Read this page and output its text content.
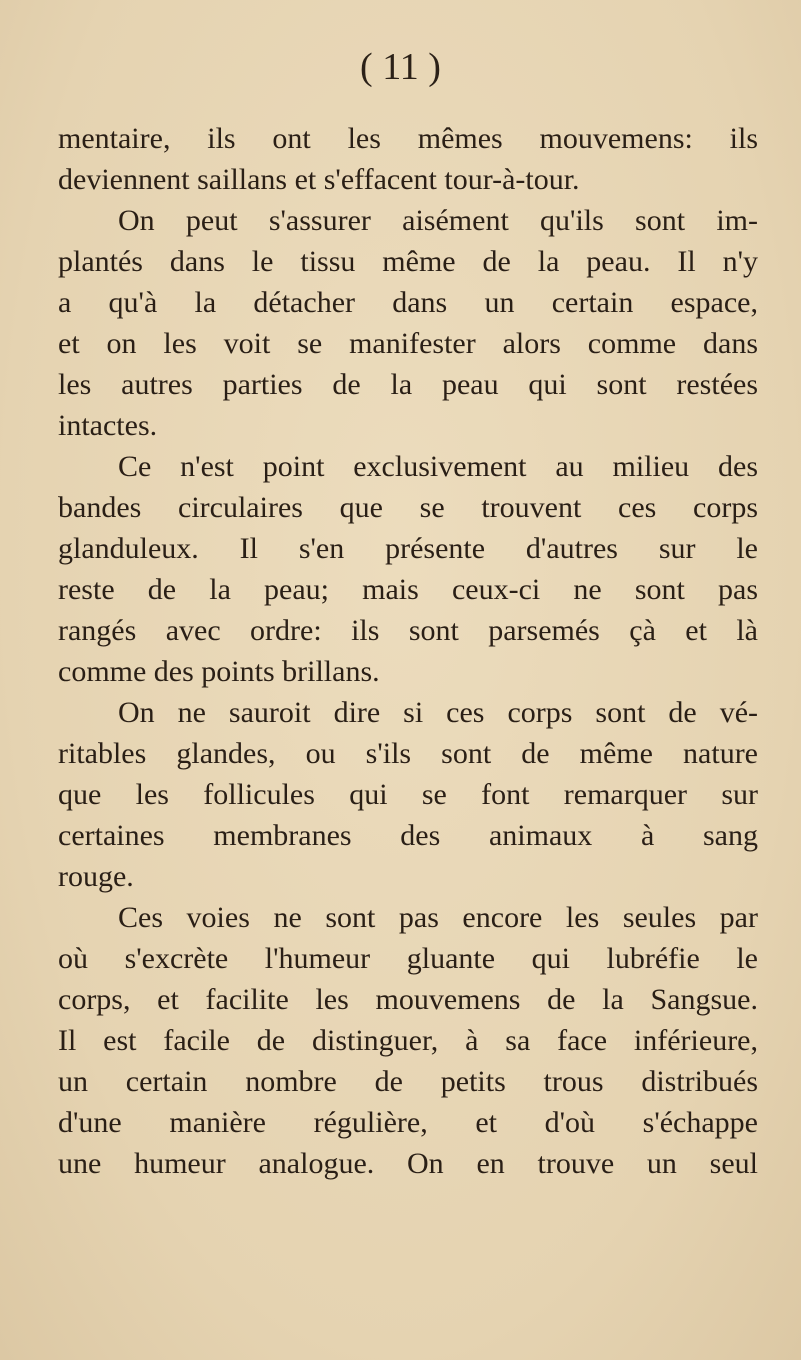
( 11 )

mentaire, ils ont les mêmes mouvemens: ils
deviennent saillans et s'effacent tour-à-tour.

On peut s'assurer aisément qu'ils sont im-
plantés dans le tissu même de la peau. Il n'y
a qu'à la détacher dans un certain espace,
et on les voit se manifester alors comme dans
les autres parties de la peau qui sont restées
intactes.

Ce n'est point exclusivement au milieu des
bandes circulaires que se trouvent ces corps
glanduleux. Il s'en présente d'autres sur le
reste de la peau; mais ceux-ci ne sont pas
rangés avec ordre: ils sont parsemés çà et là
comme des points brillans.

On ne sauroit dire si ces corps sont de vé-
ritables glandes, ou s'ils sont de même nature
que les follicules qui se font remarquer sur
certaines membranes des animaux à sang
rouge.

Ces voies ne sont pas encore les seules par
où s'excrète l'humeur gluante qui lubréfie le
corps, et facilite les mouvemens de la Sangsue.
Il est facile de distinguer, à sa face inférieure,
un certain nombre de petits trous distribués
d'une manière régulière, et d'où s'échappe
une humeur analogue. On en trouve un seul
